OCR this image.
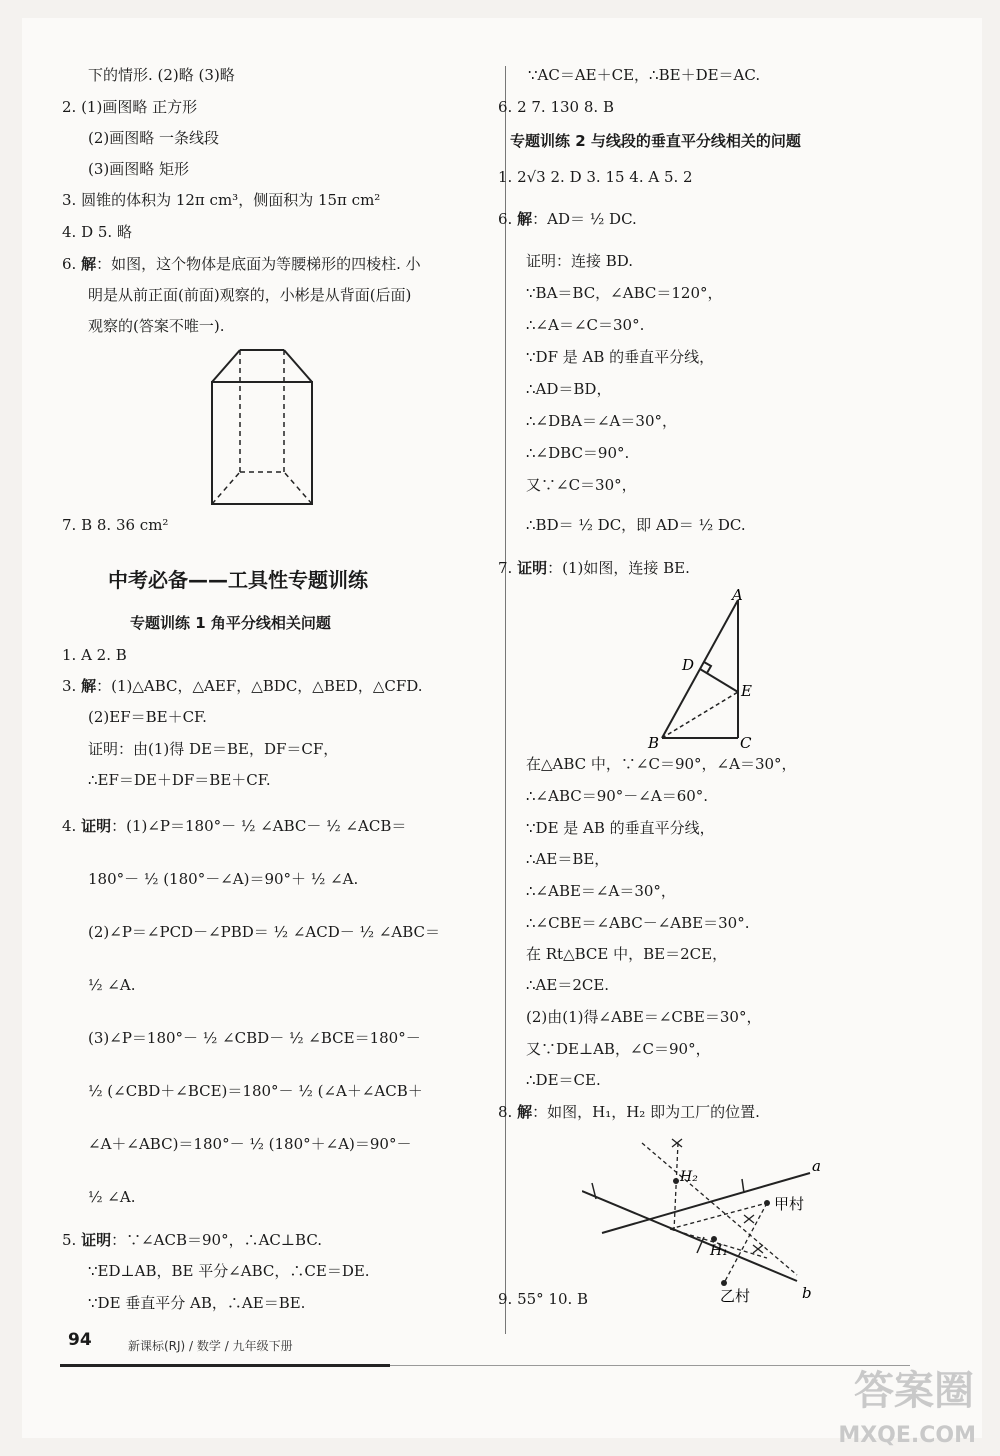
下的情形. (2)略 (3)略
2. (1)画图略 正方形
(2)画图略 一条线段
(3)画图略 矩形
3. 圆锥的体积为 12π cm³，侧面积为 15π cm²
4. D 5. 略
6. 解：如图，这个物体是底面为等腰梯形的四棱柱. 小
明是从前正面(前面)观察的，小彬是从背面(后面)
观察的(答案不唯一).
7. B 8. 36 cm²
中考必备——工具性专题训练
专题训练 1 角平分线相关问题
1. A 2. B
3. 解：(1)△ABC，△AEF，△BDC，△BED，△CFD.
(2)EF＝BE＋CF.
证明：由(1)得 DE＝BE，DF＝CF，
∴EF＝DE＋DF＝BE＋CF.
4. 证明：(1)∠P＝180°－ ½ ∠ABC－ ½ ∠ACB＝
180°－ ½ (180°－∠A)＝90°＋ ½ ∠A.
(2)∠P＝∠PCD－∠PBD＝ ½ ∠ACD－ ½ ∠ABC＝
½ ∠A.
(3)∠P＝180°－ ½ ∠CBD－ ½ ∠BCE＝180°－
½ (∠CBD＋∠BCE)＝180°－ ½ (∠A＋∠ACB＋
∠A＋∠ABC)＝180°－ ½ (180°＋∠A)＝90°－
½ ∠A.
5. 证明：∵∠ACB＝90°，∴AC⊥BC.
∵ED⊥AB，BE 平分∠ABC，∴CE＝DE.
∵DE 垂直平分 AB，∴AE＝BE.
∵AC＝AE＋CE，∴BE＋DE＝AC.
6. 2 7. 130 8. B
专题训练 2 与线段的垂直平分线相关的问题
1. 2√3 2. D 3. 15 4. A 5. 2
6. 解：AD＝ ½ DC.
证明：连接 BD.
∵BA＝BC，∠ABC＝120°，
∴∠A＝∠C＝30°.
∵DF 是 AB 的垂直平分线，
∴AD＝BD，
∴∠DBA＝∠A＝30°，
∴∠DBC＝90°.
又∵∠C＝30°，
∴BD＝ ½ DC，即 AD＝ ½ DC.
7. 证明：(1)如图，连接 BE.
A
D
E
B	C
在△ABC 中，∵∠C＝90°，∠A＝30°，
∴∠ABC＝90°－∠A＝60°.
∵DE 是 AB 的垂直平分线，
∴AE＝BE，
∴∠ABE＝∠A＝30°，
∴∠CBE＝∠ABC－∠ABE＝30°.
在 Rt△BCE 中，BE＝2CE，
∴AE＝2CE.
(2)由(1)得∠ABE＝∠CBE＝30°，
又∵DE⊥AB，∠C＝90°，
∴DE＝CE.
8. 解：如图，H₁，H₂ 即为工厂的位置.
H₂
H₁
a
b
甲村
乙村
9. 55° 10. B
94	新课标(RJ) / 数学 / 九年级下册
答案圈
MXQE.COM
